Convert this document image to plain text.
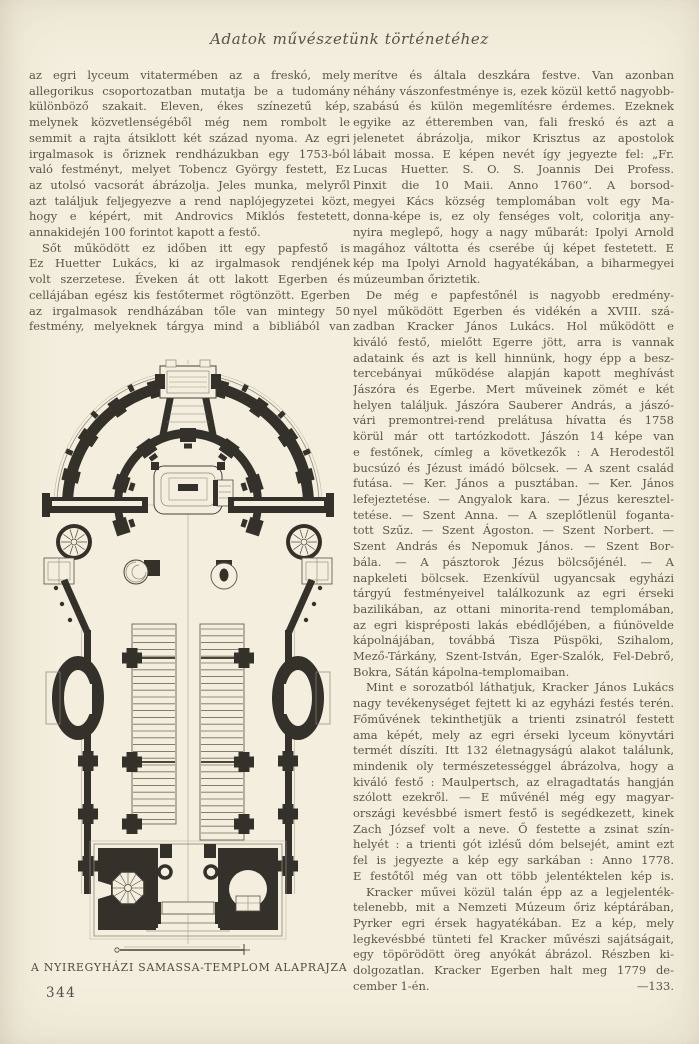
Adatok művészetünk történetéhez
az egri lyceum vitatermében az a freskó, mely
allegorikus csoportozatban mutatja be a tudomány
különböző szakait. Eleven, ékes színezetű kép,
melynek közvetlenségéből még nem rombolt le
semmit a rajta átsiklott két század nyoma. Az egri
irgalmasok is őriznek rendházukban egy 1753-ból
való festményt, melyet Tobencz György festett, Ez
az utolsó vacsorát ábrázolja. Jeles munka, melyről
azt találjuk feljegyezve a rend naplójegyzetei közt,
hogy e képért, mit Androvics Miklós festetett,
annakidején 100 forintot kapott a festő.
Sőt működött ez időben itt egy papfestő is
Ez Huetter Lukács, ki az irgalmasok rendjének
volt szerzetese. Éveken át ott lakott Egerben és
cellájában egész kis festőtermet rögtönzött. Egerben
az irgalmasok rendházában tőle van mintegy 50
festmény, melyeknek tárgya mind a bibliából van
merítve és általa deszkára festve. Van azonban
néhány vászonfestménye is, ezek közül kettő nagyobb-
szabású és külön megemlítésre érdemes. Ezeknek
egyike az étteremben van, fali freskó és azt a
jelenetet ábrázolja, mikor Krisztus az apostolok
lábait mossa. E képen nevét így jegyezte fel: „Fr.
Lucas Huetter. S. O. S. Joannis Dei Profess.
Pinxit die 10 Maii. Anno 1760“. A borsod-
megyei Kács község templomában volt egy Ma-
donna-képe is, ez oly fenséges volt, coloritja any-
nyira meglepő, hogy a nagy műbarát: Ipolyi Arnold
magához váltotta és cserébe új képet festetett. E
kép ma Ipolyi Arnold hagyatékában, a biharmegyei
múzeumban őriztetik.
De még e papfestőnél is nagyobb eredmény-
nyel működött Egerben és vidékén a XVIII. szá-
zadban Kracker János Lukács. Hol működött e
kiváló festő, mielőtt Egerre jött, arra is vannak
adataink és azt is kell hinnünk, hogy épp a besz-
tercebányai működése alapján kapott meghívást
Jászóra és Egerbe. Mert műveinek zömét e két
helyen találjuk. Jászóra Sauberer András, a jászó-
vári premontrei-rend prelátusa hívatta és 1758
körül már ott tartózkodott. Jászón 14 képe van
e festőnek, címleg a következők : A Herodestől
bucsúzó és Jézust imádó bölcsek. — A szent család
futása. — Ker. János a pusztában. — Ker. János
lefejeztetése. — Angyalok kara. — Jézus keresztel-
tetése. — Szent Anna. — A szeplőtlenül foganta-
tott Szűz. — Szent Ágoston. — Szent Norbert. —
Szent András és Nepomuk János. — Szent Bor-
bála. — A pásztorok Jézus bölcsőjénél. — A
napkeleti bölcsek. Ezenkívül ugyancsak egyházi
tárgyú festményeivel találkozunk az egri érseki
bazilikában, az ottani minorita-rend templomában,
az egri kispréposti lakás ebédlőjében, a fiúnövelde
kápolnájában, továbbá Tisza Püspöki, Szihalom,
Mező-Tárkány, Szent-István, Eger-Szalók, Fel-Debrő,
Bokra, Sátán kápolna-templomaiban.
Mint e sorozatból láthatjuk, Kracker János Lukács
nagy tevékenységet fejtett ki az egyházi festés terén.
Főművének tekinthetjük a trienti zsinatról festett
ama képét, mely az egri érseki lyceum könyvtári
termét díszíti. Itt 132 életnagyságú alakot találunk,
mindenik oly természetességgel ábrázolva, hogy a
kiváló festő : Maulpertsch, az elragadtatás hangján
szólott ezekről. — E művénél még egy magyar-
országi kevésbbé ismert festő is segédkezett, kinek
Zach József volt a neve. Ő festette a zsinat szín-
helyét : a trienti gót izlésű dóm belsejét, amint ezt
fel is jegyezte a kép egy sarkában : Anno 1778.
E festőtől még van ott több jelentéktelen kép is.
Kracker művei közül talán épp az a legjelenték-
telenebb, mit a Nemzeti Múzeum őriz képtárában,
Pyrker egri érsek hagyatékában. Ez a kép, mely
legkevésbbé tünteti fel Kracker művészi sajátságait,
egy töpörödött öreg anyókát ábrázol. Részben ki-
dolgozatlan. Kracker Egerben halt meg 1779 de-
cember 1-én.	—133.
A NYIREGYHÁZI SAMASSA-TEMPLOM ALAPRAJZA
344
